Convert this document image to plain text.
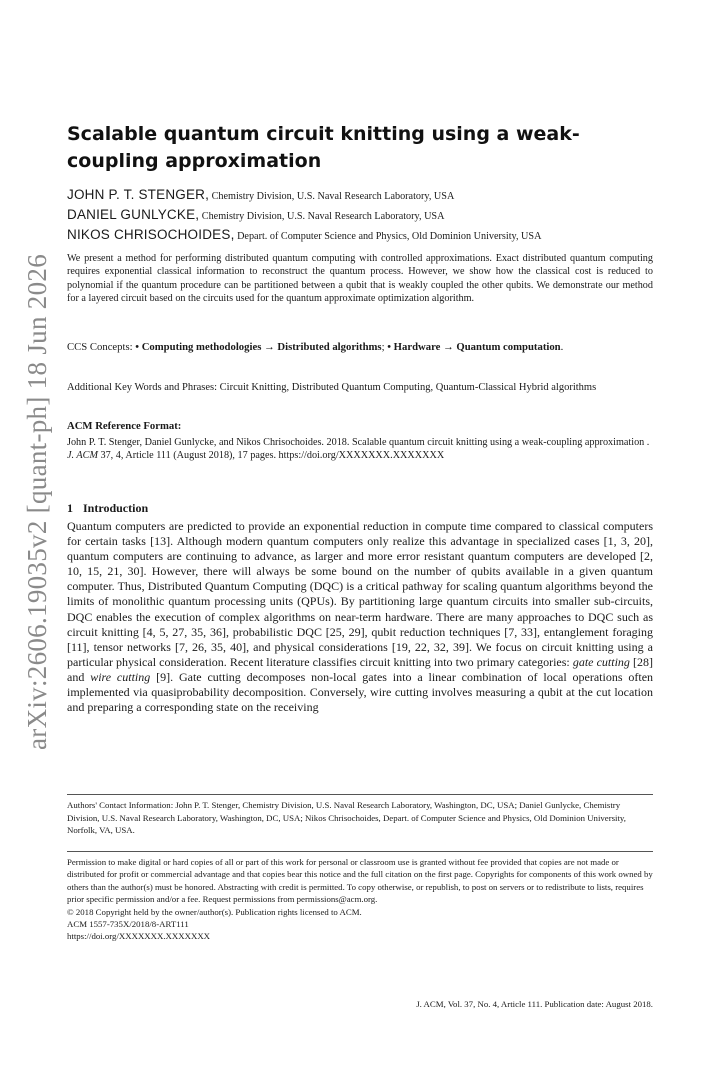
arXiv:2606.19035v2 [quant-ph] 18 Jun 2026
Scalable quantum circuit knitting using a weak-coupling approximation
JOHN P. T. STENGER, Chemistry Division, U.S. Naval Research Laboratory, USA
DANIEL GUNLYCKE, Chemistry Division, U.S. Naval Research Laboratory, USA
NIKOS CHRISOCHOIDES, Depart. of Computer Science and Physics, Old Dominion University, USA
We present a method for performing distributed quantum computing with controlled approximations. Exact distributed quantum computing requires exponential classical information to reconstruct the quantum process. However, we show how the classical cost is reduced to polynomial if the quantum procedure can be partitioned between a qubit that is weakly coupled the other qubits. We demonstrate our method for a layered circuit based on the circuits used for the quantum approximate optimization algorithm.
CCS Concepts: • Computing methodologies → Distributed algorithms; • Hardware → Quantum computation.
Additional Key Words and Phrases: Circuit Knitting, Distributed Quantum Computing, Quantum-Classical Hybrid algorithms
ACM Reference Format:
John P. T. Stenger, Daniel Gunlycke, and Nikos Chrisochoides. 2018. Scalable quantum circuit knitting using a weak-coupling approximation . J. ACM 37, 4, Article 111 (August 2018), 17 pages. https://doi.org/XXXXXXX.XXXXXXX
1 Introduction
Quantum computers are predicted to provide an exponential reduction in compute time compared to classical computers for certain tasks [13]. Although modern quantum computers only realize this advantage in specialized cases [1, 3, 20], quantum computers are continuing to advance, as larger and more error resistant quantum computers are developed [2, 10, 15, 21, 30]. However, there will always be some bound on the number of qubits available in a given quantum computer. Thus, Distributed Quantum Computing (DQC) is a critical pathway for scaling quantum algorithms beyond the limits of monolithic quantum processing units (QPUs). By partitioning large quantum circuits into smaller sub-circuits, DQC enables the execution of complex algorithms on near-term hardware. There are many approaches to DQC such as circuit knitting [4, 5, 27, 35, 36], probabilistic DQC [25, 29], qubit reduction techniques [7, 33], entanglement foraging [11], tensor networks [7, 26, 35, 40], and physical considerations [19, 22, 32, 39]. We focus on circuit knitting using a particular physical consideration. Recent literature classifies circuit knitting into two primary categories: gate cutting [28] and wire cutting [9]. Gate cutting decomposes non-local gates into a linear combination of local operations often implemented via quasiprobability decomposition. Conversely, wire cutting involves measuring a qubit at the cut location and preparing a corresponding state on the receiving
Authors' Contact Information: John P. T. Stenger, Chemistry Division, U.S. Naval Research Laboratory, Washington, DC, USA; Daniel Gunlycke, Chemistry Division, U.S. Naval Research Laboratory, Washington, DC, USA; Nikos Chrisochoides, Depart. of Computer Science and Physics, Old Dominion University, Norfolk, VA, USA.
Permission to make digital or hard copies of all or part of this work for personal or classroom use is granted without fee provided that copies are not made or distributed for profit or commercial advantage and that copies bear this notice and the full citation on the first page. Copyrights for components of this work owned by others than the author(s) must be honored. Abstracting with credit is permitted. To copy otherwise, or republish, to post on servers or to redistribute to lists, requires prior specific permission and/or a fee. Request permissions from permissions@acm.org.
© 2018 Copyright held by the owner/author(s). Publication rights licensed to ACM.
ACM 1557-735X/2018/8-ART111
https://doi.org/XXXXXXX.XXXXXXX
J. ACM, Vol. 37, No. 4, Article 111. Publication date: August 2018.
